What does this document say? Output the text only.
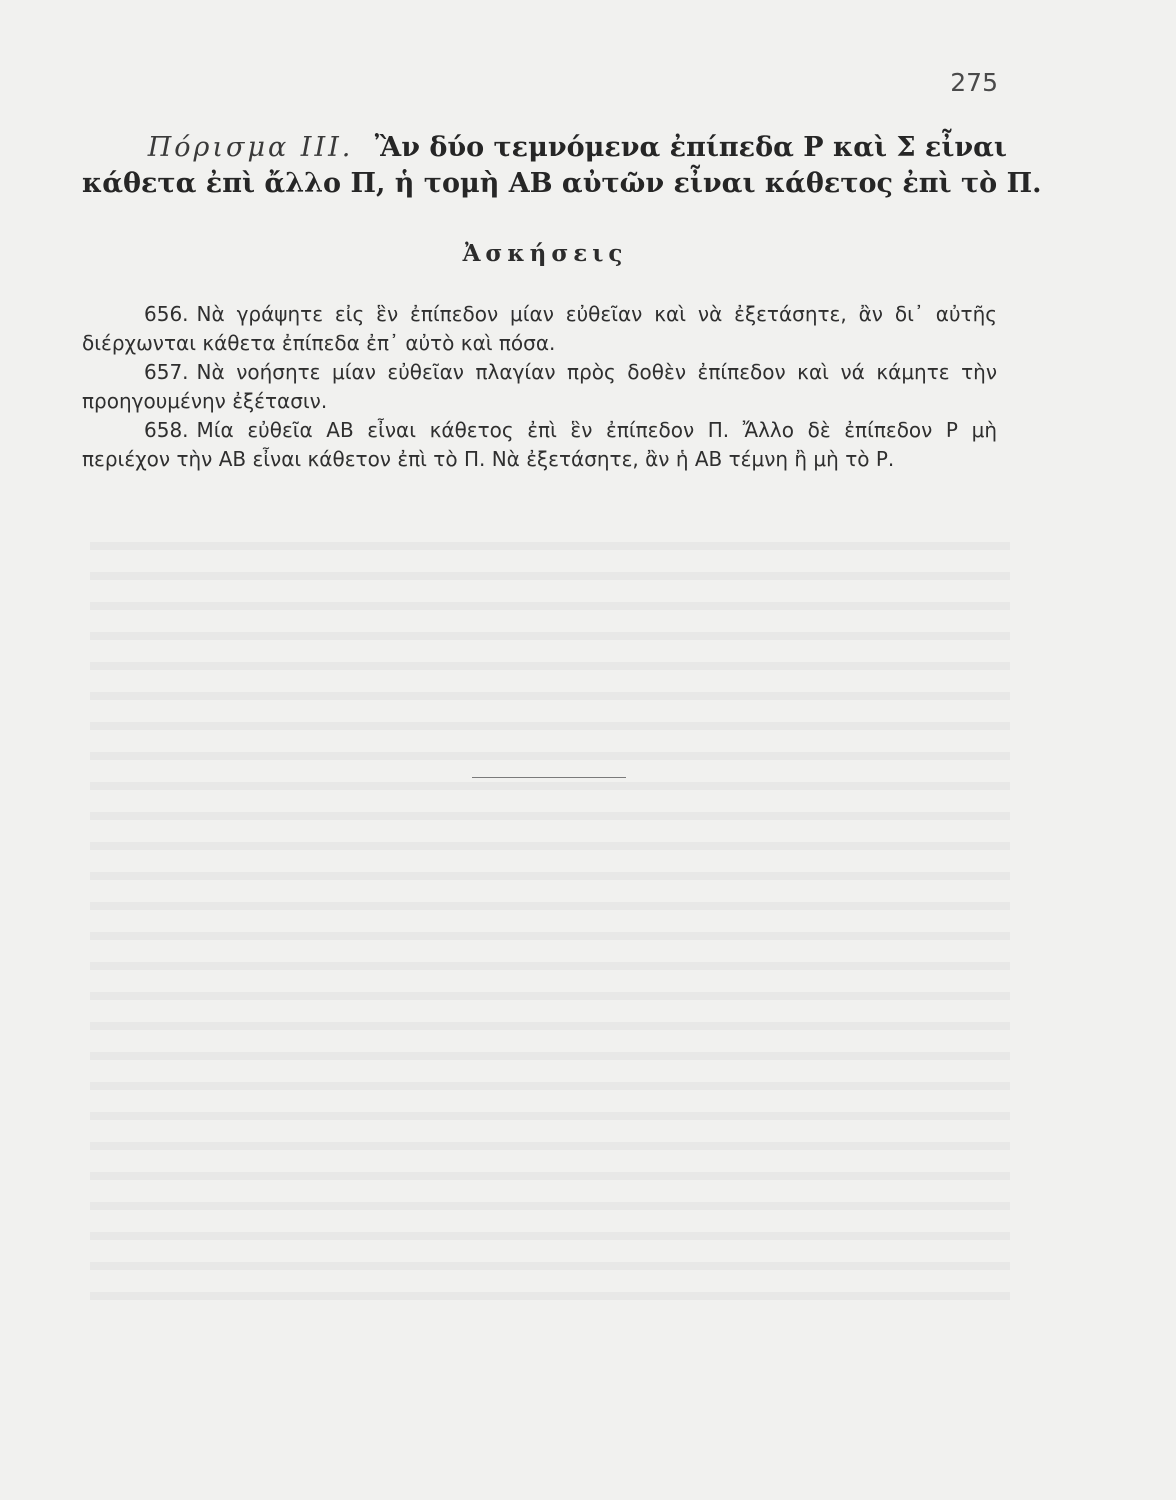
275
Πόρισμα ΙΙΙ. Ἂν δύο τεμνόμενα ἐπίπεδα Ρ καὶ Σ εἶναι
κάθετα ἐπὶ ἄλλο Π, ἡ τομὴ ΑΒ αὐτῶν εἶναι κάθετος ἐπὶ τὸ Π.
Ἀσκήσεις

656. Νὰ γράψητε εἰς ἓν ἐπίπεδον μίαν εὐθεῖαν καὶ νὰ ἐξετάσητε, ἂν δι᾽ αὐτῆς διέρχωνται κάθετα ἐπίπεδα ἐπ᾽ αὐτὸ καὶ πόσα.

657. Νὰ νοήσητε μίαν εὐθεῖαν πλαγίαν πρὸς δοθὲν ἐπίπεδον καὶ νά κάμητε τὴν προηγουμένην ἐξέτασιν.

658. Μία εὐθεῖα ΑΒ εἶναι κάθετος ἐπὶ ἓν ἐπίπεδον Π. Ἄλλο δὲ ἐπίπεδον Ρ μὴ περιέχον τὴν ΑΒ εἶναι κάθετον ἐπὶ τὸ Π. Νὰ ἐξετάσητε, ἂν ἡ ΑΒ τέμνη ἢ μὴ τὸ Ρ.
